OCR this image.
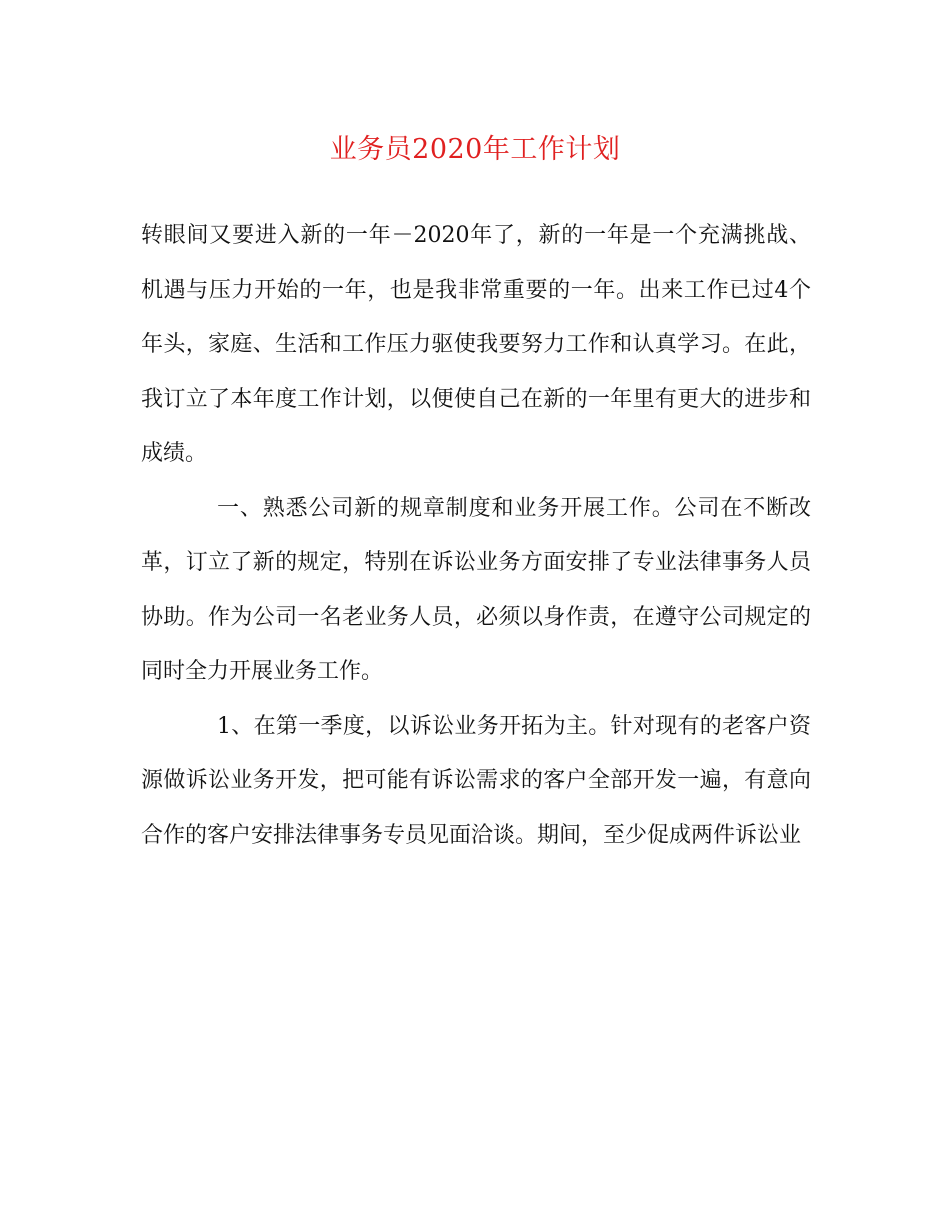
业务员2020年工作计划

转眼间又要进入新的一年－2020年了，新的一年是一个充满挑战、机遇与压力开始的一年，也是我非常重要的一年。出来工作已过4个年头，家庭、生活和工作压力驱使我要努力工作和认真学习。在此，我订立了本年度工作计划，以便使自己在新的一年里有更大的进步和成绩。

一、熟悉公司新的规章制度和业务开展工作。公司在不断改革，订立了新的规定，特别在诉讼业务方面安排了专业法律事务人员协助。作为公司一名老业务人员，必须以身作责，在遵守公司规定的同时全力开展业务工作。

1、在第一季度，以诉讼业务开拓为主。针对现有的老客户资源做诉讼业务开发，把可能有诉讼需求的客户全部开发一遍，有意向合作的客户安排法律事务专员见面洽谈。期间，至少促成两件诉讼业
